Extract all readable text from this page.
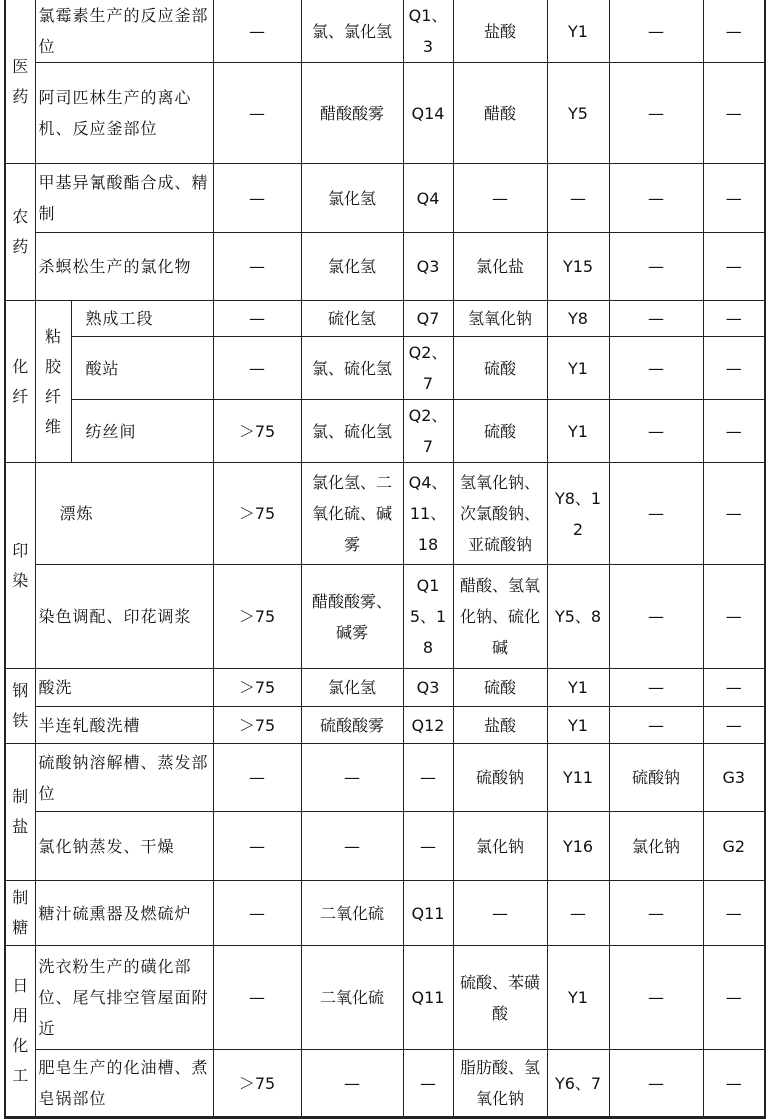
医药	氯霉素生产的反应釜部位		—	氯、氯化氢	Q1、3	盐酸	Y1	—	—
	阿司匹林生产的离心机、反应釜部位		—	醋酸酸雾	Q14	醋酸	Y5	—	—
农药	甲基异氰酸酯合成、精制		—	氯化氢	Q4	—	—	—	—
	杀螟松生产的氯化物		—	氯化氢	Q3	氯化盐	Y15	—	—
化纤	粘胶纤维	熟成工段	—	硫化氢	Q7	氢氧化钠	Y8	—	—
		酸站	—	氯、硫化氢	Q2、7	硫酸	Y1	—	—
		纺丝间	＞75	氯、硫化氢	Q2、7	硫酸	Y1	—	—
印染	漂炼		＞75	氯化氢、二氧化硫、碱雾	Q4、11、18	氢氧化钠、次氯酸钠、亚硫酸钠	Y8、12	—	—
	染色调配、印花调浆		＞75	醋酸酸雾、碱雾	Q15、18	醋酸、氢氧化钠、硫化碱	Y5、8	—	—
钢铁	酸洗		＞75	氯化氢	Q3	硫酸	Y1	—	—
	半连轧酸洗槽		＞75	硫酸酸雾	Q12	盐酸	Y1	—	—
制盐	硫酸钠溶解槽、蒸发部位		—	—	—	硫酸钠	Y11	硫酸钠	G3
	氯化钠蒸发、干燥		—	—	—	氯化钠	Y16	氯化钠	G2
制糖	糖汁硫熏器及燃硫炉		—	二氧化硫	Q11	—	—	—	—
日用化工	洗衣粉生产的磺化部位、尾气排空管屋面附近		—	二氧化硫	Q11	硫酸、苯磺酸	Y1	—	—
	肥皂生产的化油槽、煮皂锅部位		＞75	—	—	脂肪酸、氢氧化钠	Y6、7	—	—
